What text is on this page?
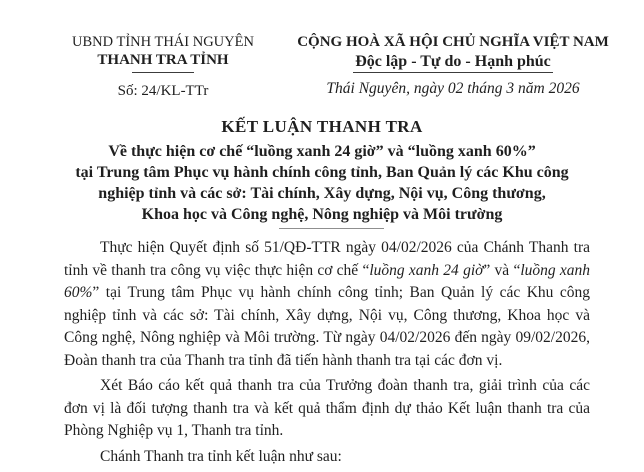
UBND TỈNH THÁI NGUYÊN
THANH TRA TỈNH
Số: 24/KL-TTr
CỘNG HOÀ XÃ HỘI CHỦ NGHĨA VIỆT NAM
Độc lập - Tự do - Hạnh phúc
Thái Nguyên, ngày 02 tháng 3 năm 2026
KẾT LUẬN THANH TRA
Về thực hiện cơ chế “luồng xanh 24 giờ” và “luồng xanh 60%”
tại Trung tâm Phục vụ hành chính công tỉnh, Ban Quản lý các Khu công
nghiệp tỉnh và các sở: Tài chính, Xây dựng, Nội vụ, Công thương,
Khoa học và Công nghệ, Nông nghiệp và Môi trường

Thực hiện Quyết định số 51/QĐ-TTR ngày 04/02/2026 của Chánh Thanh tra tỉnh về thanh tra công vụ việc thực hiện cơ chế “luồng xanh 24 giờ” và “luồng xanh 60%” tại Trung tâm Phục vụ hành chính công tỉnh; Ban Quản lý các Khu công nghiệp tỉnh và các sở: Tài chính, Xây dựng, Nội vụ, Công thương, Khoa học và Công nghệ, Nông nghiệp và Môi trường. Từ ngày 04/02/2026 đến ngày 09/02/2026, Đoàn thanh tra của Thanh tra tỉnh đã tiến hành thanh tra tại các đơn vị.

Xét Báo cáo kết quả thanh tra của Trưởng đoàn thanh tra, giải trình của các đơn vị là đối tượng thanh tra và kết quả thẩm định dự thảo Kết luận thanh tra của Phòng Nghiệp vụ 1, Thanh tra tỉnh.

Chánh Thanh tra tỉnh kết luận như sau:
